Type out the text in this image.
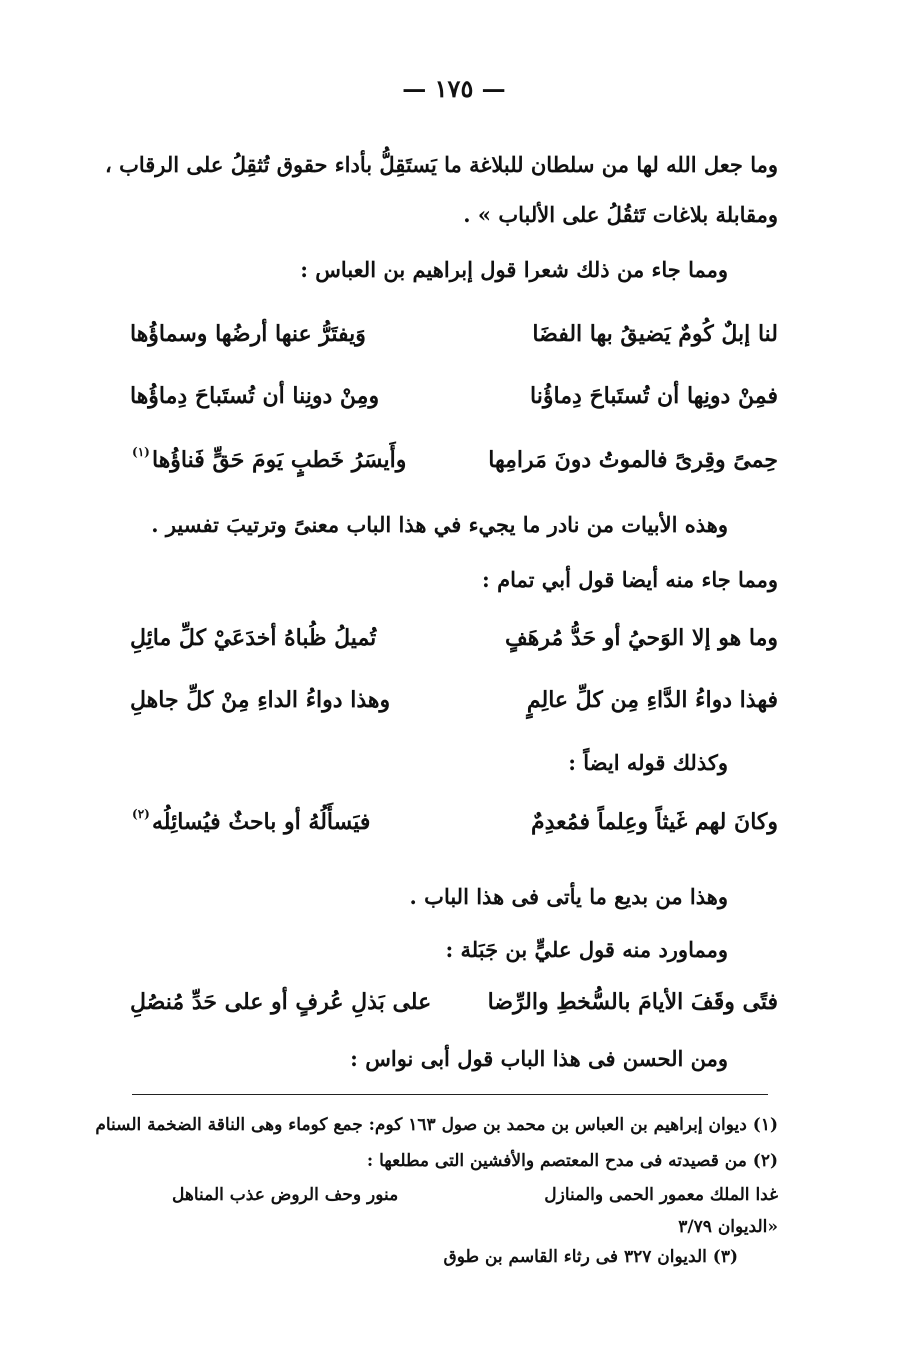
— ١٧٥ —
وما جعل الله لها من سلطان للبلاغة ما يَستَقِلُّ بأداء حقوق تُثقِلُ على الرقاب ،
ومقابلة بلاغات تَثقُلُ على الألباب » .
ومما جاء من ذلك شعرا قول إبراهيم بن العباس :
لنا إبلٌ كُومٌ يَضيقُ بها الفضَا
وَيفتَرُّ عنها أرضُها وسماؤُها
فمِنْ دونِها أن تُستَباحَ دِماؤُنا
ومِنْ دونِنا أن تُستَباحَ دِماؤُها
حِمىً وقِرىً فالموتُ دونَ مَرامِها
وأَيسَرُ خَطبٍ يَومَ حَقٍّ فَناؤُها
(١)
وهذه الأبيات من نادر ما يجيء في هذا الباب معنىً وترتيبَ تفسير .
ومما جاء منه أيضا قول أبي تمام :
وما هو إلا الوَحيُ أو حَدُّ مُرهَفٍ
تُميلُ ظُباهُ أخدَعَيْ كلِّ مائِلِ
فهذا دواءُ الدَّاءِ مِن كلِّ عالِمٍ
وهذا دواءُ الداءِ مِنْ كلِّ جاهلِ
وكذلك قوله ايضاً :
وكانَ لهم غَيثاً وعِلماً فمُعدِمٌ
فيَسأَلُهُ أو باحثٌ فيُسائِلُه
(٢)
وهذا من بديع ما يأتى فى هذا الباب .
ومماورد منه قول عليٍّ بن جَبَلة :
فتًى وقَفَ الأيامَ بالسُّخطِ والرِّضا
على بَذلِ عُرفٍ أو على حَدِّ مُنصُلِ
ومن الحسن فى هذا الباب قول أبى نواس :
(١) ديوان إبراهيم بن العباس بن محمد بن صول ١٦٣ كوم: جمع كوماء وهى الناقة الضخمة السنام
(٢) من قصيدته فى مدح المعتصم والأفشين التى مطلعها :
غدا الملك معمور الحمى والمنازل
منور وحف الروض عذب المناهل
«الديوان ٣/٧٩
(٣) الديوان ٣٢٧ فى رثاء القاسم بن طوق
